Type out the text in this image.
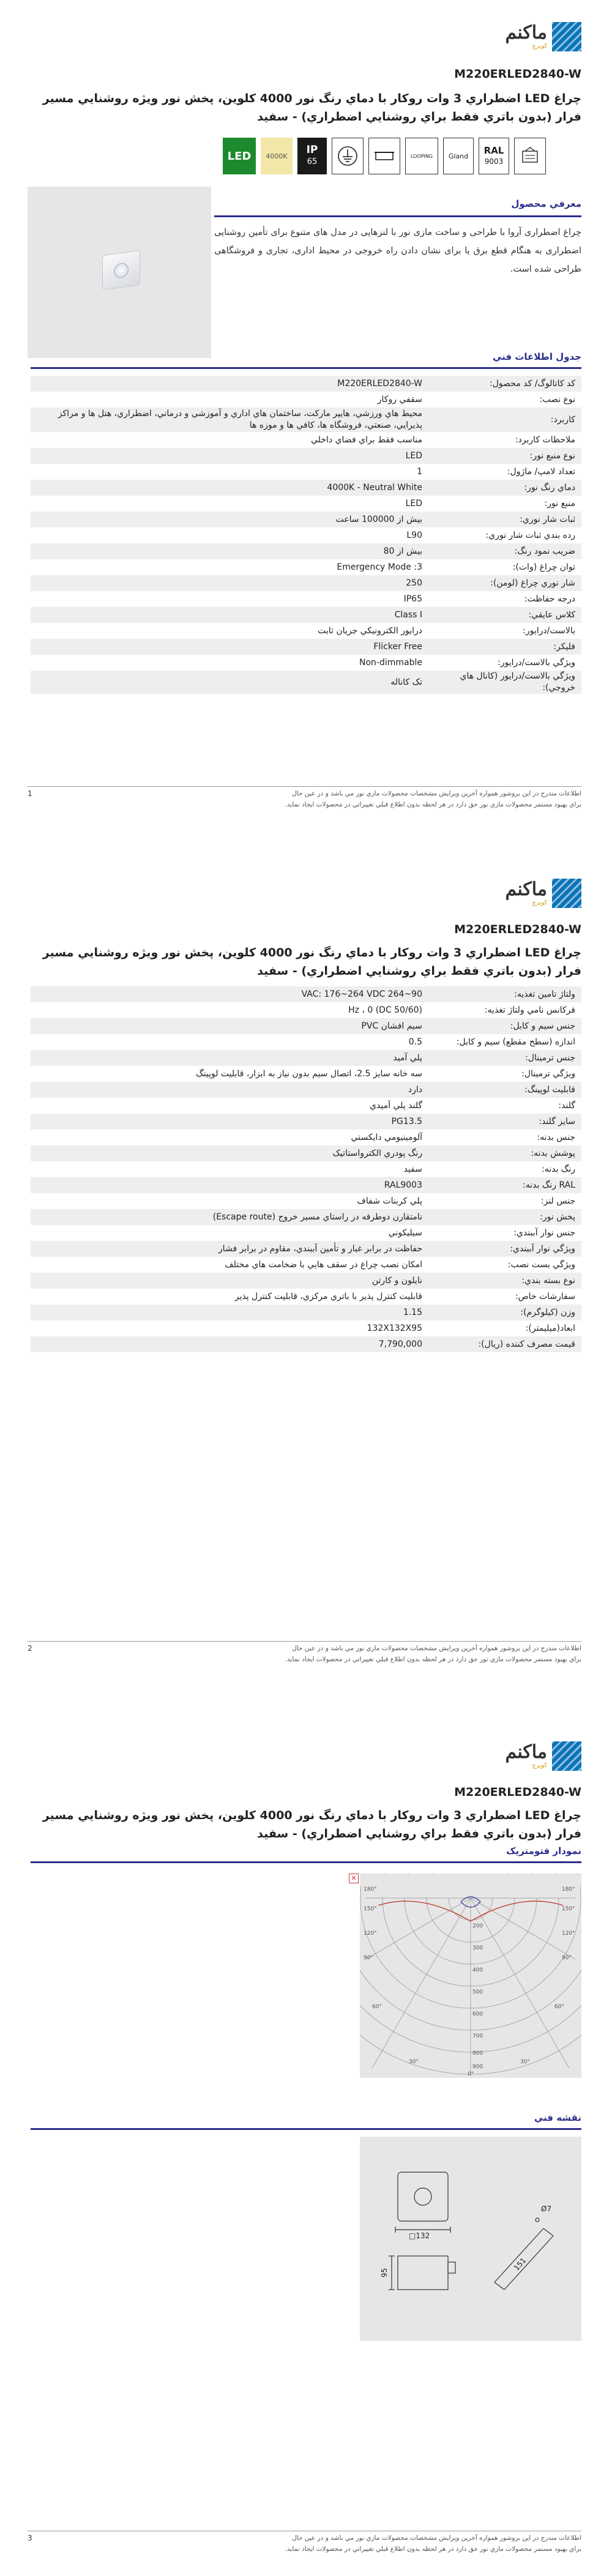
ماکنم
کوپرچ
M220ERLED2840-W
چراغ LED اضطراري 3 وات روکار با دماي رنگ نور 4000 کلوين، پخش نور ويژه روشنايي مسير فرار (بدون باتري فقط براي روشنايي اضطراري) - سفيد
LED 4000K IP
65
LOOPING Gland RAL
9003
معرفي محصول
چراغ اضطراری آروا با طراحی و ساخت مازی نور با لنزهایی در مدل های متنوع برای تأمین روشنایی اضطراری به هنگام قطع برق یا برای نشان دادن راه خروجی در محیط اداری، تجاری و فروشگاهی طراحی شده است.
جدول اطلاعات فني
کد کاتالوگ/ کد محصول:	M220ERLED2840-W
نوع نصب:	سقفي روکار
کاربرد:	محيط هاي ورزشي، هايپر مارکت، ساختمان هاي اداري و آموزشي و درماني، اضطراري، هتل ها و مراکز پذيرايي، صنعتي، فروشگاه ها، کافي ها و موزه ها
ملاحظات کاربرد:	مناسب فقط براي فضاي داخلي
نوع منبع نور:	LED
تعداد لامپ/ ماژول:	1
دماي رنگ نور:	4000K - Neutral White
منبع نور:	LED
ثبات شار نوري:	بيش از 100000 ساعت
رده بندي ثبات شار نوري:	L90
ضريب نمود رنگ:	بيش از 80
توان چراغ (وات):	Emergency Mode :3
شار نوري چراغ (لومن):	250
درجه حفاظت:	IP65
کلاس عايقي:	Class I
بالاست/درايور:	درايور الکترونيکي جريان ثابت
فليکر:	Flicker Free
ويژگي بالاست/درايور:	Non-dimmable
ويژگي بالاست/درايور (کانال هاي خروجي):	تک کاناله
1	اطلاعات مندرج در اين بروشور همواره آخرين ويرايش مشخصات محصولات مازي نور مي باشد و در عين حال
براي بهبود مستمر محصولات مازي نور حق دارد در هر لحظه بدون اطلاع قبلي تغييراتي در محصولات ايجاد نمايد.
ماکنم
کوپرچ
M220ERLED2840-W
چراغ LED اضطراري 3 وات روکار با دماي رنگ نور 4000 کلوين، پخش نور ويژه روشنايي مسير فرار (بدون باتري فقط براي روشنايي اضطراري) - سفيد
ولتاژ تامين تغذيه:	VAC: 176~264 VDC 264~90
فرکانس نامي ولتاژ تغذيه:	(Hz ، 0 (DC 50/60
جنس سيم و کابل:	سيم افشان PVC
اندازه (سطح مقطع) سيم و کابل:	0.5
جنس ترمينال:	پلي آميد
ويژگي ترمينال:	سه خانه سايز 2.5، اتصال سيم بدون نياز به ابزار، قابليت لوپينگ
قابليت لوپينگ:	دارد
گلند:	گلند پلي آميدي
سايز گلند:	PG13.5
جنس بدنه:	آلومينيومي دايکستي
پوشش بدنه:	رنگ پودري الکترواستاتيک
رنگ بدنه:	سفيد
RAL رنگ بدنه:	RAL9003
جنس لنز:	پلي کربنات شفاف
پخش نور:	نامتقارن دوطرفه در راستاي مسير خروج (Escape route)
جنس نوار آببندي:	سيليکوني
ويژگي نوار آببندي:	حفاظت در برابر غبار و تأمين آببندي، مقاوم در برابر فشار
ويژگي بست نصب:	امکان نصب چراغ در سقف هايي با ضخامت هاي مختلف
نوع بسته بندي:	نايلون و کارتن
سفارشات خاص:	قابليت کنترل پذير با باتري مرکزي، قابليت کنترل پذير
وزن (کيلوگرم):	1.15
ابعاد(ميليمتر):	132X132X95
قيمت مصرف کننده (ريال):	7,790,000
2	اطلاعات مندرج در اين بروشور همواره آخرين ويرايش مشخصات محصولات مازي نور مي باشد و در عين حال
براي بهبود مستمر محصولات مازي نور حق دارد در هر لحظه بدون اطلاع قبلي تغييراتي در محصولات ايجاد نمايد.
ماکنم
کوپرچ
M220ERLED2840-W
چراغ LED اضطراري 3 وات روکار با دماي رنگ نور 4000 کلوين، پخش نور ويژه روشنايي مسير فرار (بدون باتري فقط براي روشنايي اضطراري) - سفيد
نمودار فتومتريک
✕
180°
150°
120°
90°
60°
30°
180°
150°
120°
90°
60°
30°
200
300
400
500
600
700
800
900
0°
نقشه فني
□132
95
151
Ø7
3	اطلاعات مندرج در اين بروشور همواره آخرين ويرايش مشخصات محصولات مازي نور مي باشد و در عين حال
براي بهبود مستمر محصولات مازي نور حق دارد در هر لحظه بدون اطلاع قبلي تغييراتي در محصولات ايجاد نمايد.
